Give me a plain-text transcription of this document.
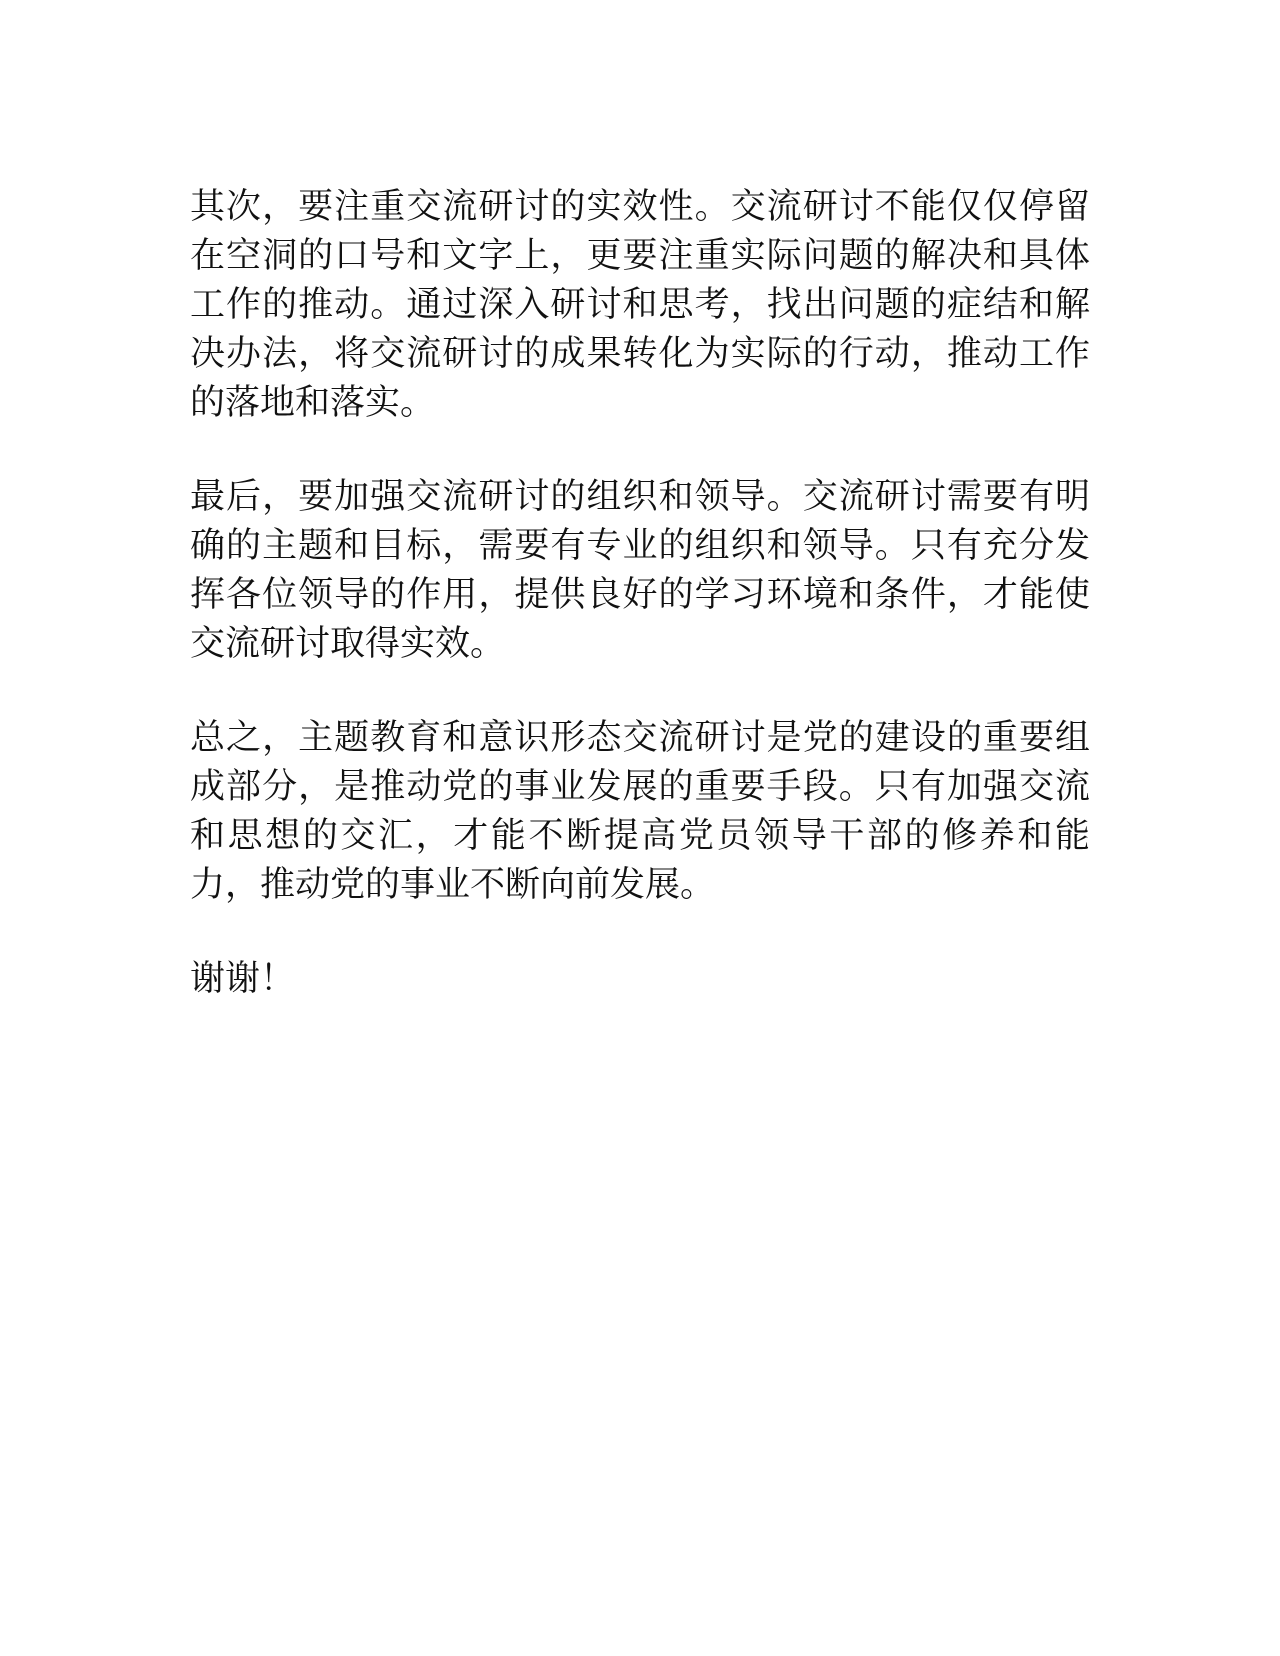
其次，要注重交流研讨的实效性。交流研讨不能仅仅停留在空洞的口号和文字上，更要注重实际问题的解决和具体工作的推动。通过深入研讨和思考，找出问题的症结和解决办法，将交流研讨的成果转化为实际的行动，推动工作的落地和落实。

最后，要加强交流研讨的组织和领导。交流研讨需要有明确的主题和目标，需要有专业的组织和领导。只有充分发挥各位领导的作用，提供良好的学习环境和条件，才能使交流研讨取得实效。

总之，主题教育和意识形态交流研讨是党的建设的重要组成部分，是推动党的事业发展的重要手段。只有加强交流和思想的交汇，才能不断提高党员领导干部的修养和能力，推动党的事业不断向前发展。

谢谢！
